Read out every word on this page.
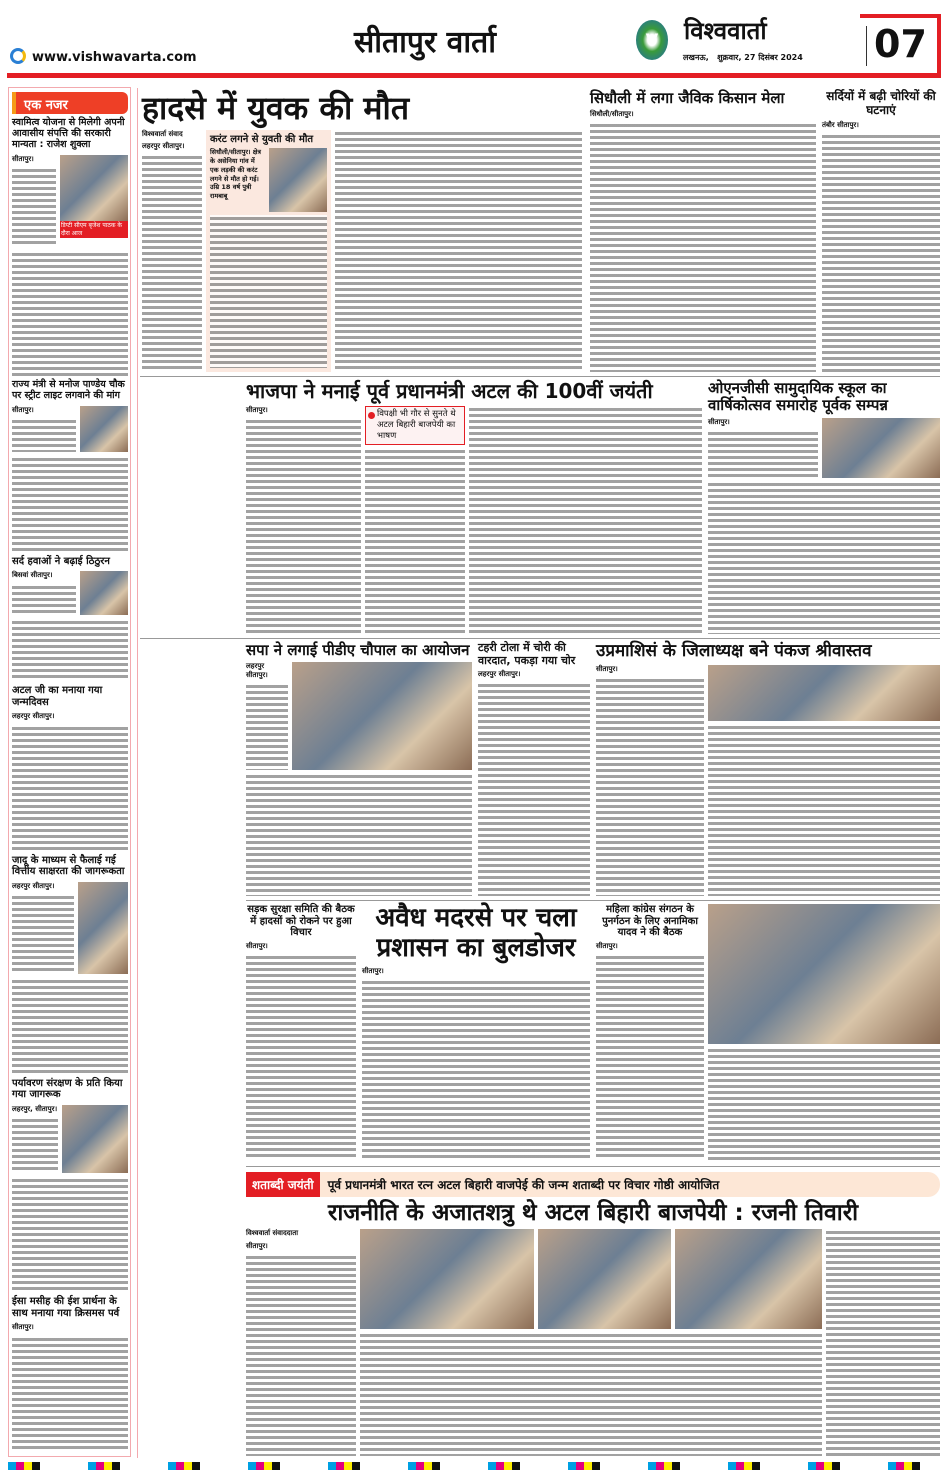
www.vishwavarta.com	सीतापुर वार्ता	V	विश्ववार्ता
लखनऊ,   शुक्रवार, 27 दिसंबर 2024 07
एक नजर
स्वामित्व योजना से मिलेगी अपनी आवासीय संपत्ति की सरकारी मान्यता : राजेश शुक्ला
सीतापुर।
डिप्टी सीएम बृजेश पाठक के दौरा आज
राज्य मंत्री से मनोज पाण्डेय चौक पर स्ट्रीट लाइट लगवाने की मांग
सीतापुर।
सर्द हवाओं ने बढ़ाई ठिठुरन
बिसवां सीतापुर।
अटल जी का मनाया गया जन्मदिवस
लहरपुर सीतापुर।
जादू के माध्यम से फैलाई गई वित्तीय साक्षरता की जागरूकता
लहरपुर सीतापुर।
पर्यावरण संरक्षण के प्रति किया गया जागरूक
लहरपुर, सीतापुर।
ईसा मसीह की ईश प्रार्थना के साथ मनाया गया क्रिसमस पर्व
सीतापुर।
हादसे में युवक की मौत
विश्ववार्ता संवाद
लहरपुर सीतापुर।
करंट लगने से युवती की मौत
सिधौली/सीतापुर। क्षेत्र के असेनिया गांव में एक लड़की की करंट लगने से मौत हो गई। उम्रि 18 वर्ष पुत्री रामबाबू
सिधौली में लगा जैविक किसान मेला
सिधौली/सीतापुर।
सर्दियों में बढ़ी चोरियों की घटनाएं
तंबौर सीतापुर।
भाजपा ने मनाई पूर्व प्रधानमंत्री अटल की 100वीं जयंती
सीतापुर।	विपक्षी भी गौर से सुनते थे अटल बिहारी बाजपेयी का भाषण
ओएनजीसी सामुदायिक स्कूल का वार्षिकोत्सव समारोह पूर्वक सम्पन्न
सीतापुर।
सपा ने लगाई पीडीए चौपाल का आयोजन
लहरपुर सीतापुर।
टहरी टोला में चोरी की वारदात, पकड़ा गया चोर
लहरपुर सीतापुर।
उप्रमाशिसं के जिलाध्यक्ष बने पंकज श्रीवास्तव
सीतापुर।
सड़क सुरक्षा समिति की बैठक में हादसों को रोकने पर हुआ विचार
सीतापुर।
अवैध मदरसे पर चला प्रशासन का बुलडोजर
सीतापुर।
महिला कांग्रेस संगठन के पुनर्गठन के लिए अनामिका यादव ने की बैठक
सीतापुर।
शताब्दी जयंती	पूर्व प्रधानमंत्री भारत रत्न अटल बिहारी वाजपेई की जन्म शताब्दी पर विचार गोष्ठी आयोजित
राजनीति के अजातशत्रु थे अटल बिहारी बाजपेयी : रजनी तिवारी
विश्ववार्ता संवाददाता
सीतापुर।
